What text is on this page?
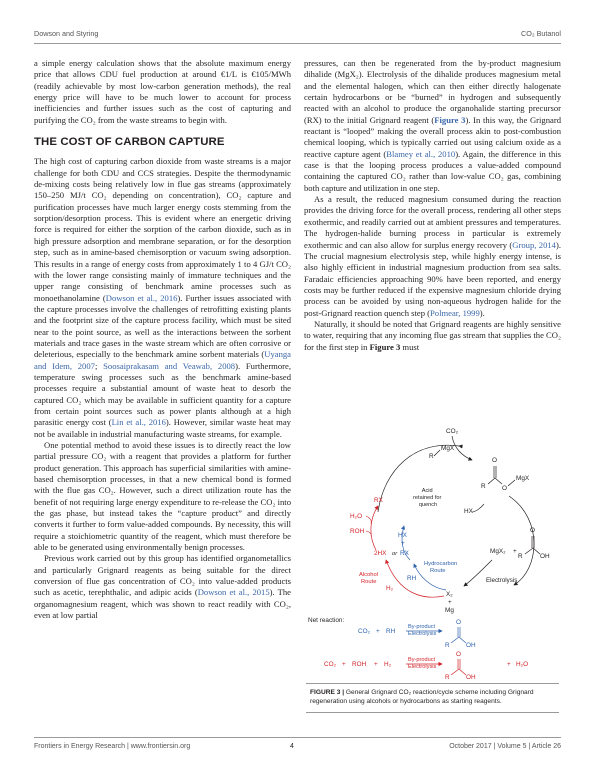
Dowson and Styring	CO₂ Butanol

a simple energy calculation shows that the absolute maximum energy price that allows CDU fuel production at around €1/L is €105/MWh (readily achievable by most low-carbon generation methods), the real energy price will have to be much lower to account for process inefficiencies and further issues such as the cost of capturing and purifying the CO₂ from the waste streams to begin with.

THE COST OF CARBON CAPTURE

The high cost of capturing carbon dioxide from waste streams is a major challenge for both CDU and CCS strategies. Despite the thermodynamic de-mixing costs being relatively low in flue gas streams (approximately 150–250 MJ/t CO₂ depending on concentration), CO₂ capture and purification processes have much larger energy costs stemming from the sorption/desorption process. This is evident where an energetic driving force is required for either the sorption of the carbon dioxide, such as in high pressure adsorption and membrane separation, or for the desorption step, such as in amine-based chemisorption or vacuum swing adsorption. This results in a range of energy costs from approximately 1 to 4 GJ/t CO₂ with the lower range consisting mainly of immature techniques and the upper range consisting of benchmark amine processes such as monoethanolamine (Dowson et al., 2016). Further issues associated with the capture processes involve the challenges of retrofitting existing plants and the footprint size of the capture process facility, which must be sited near to the point source, as well as the interactions between the sorbent materials and trace gases in the waste stream which are often corrosive or deleterious, especially to the benchmark amine sorbent materials (Uyanga and Idem, 2007; Soosaiprakasam and Veawab, 2008). Furthermore, temperature swing processes such as the benchmark amine-based processes require a substantial amount of waste heat to desorb the captured CO₂ which may be available in sufficient quantity for a capture from certain point sources such as power plants although at a high parasitic energy cost (Lin et al., 2016). However, similar waste heat may not be available in industrial manufacturing waste streams, for example.

One potential method to avoid these issues is to directly react the low partial pressure CO₂ with a reagent that provides a platform for further product generation. This approach has superficial similarities with amine-based chemisorption processes, in that a new chemical bond is formed with the flue gas CO₂. However, such a direct utilization route has the benefit of not requiring large energy expenditure to re-release the CO₂ into the gas phase, but instead takes the “capture product” and directly converts it further to form value-added compounds. By necessity, this will require a stoichiometric quantity of the reagent, which must therefore be able to be generated using environmentally benign processes.

Previous work carried out by this group has identified organometallics and particularly Grignard reagents as being suitable for the direct conversion of flue gas concentration of CO₂ into value-added products such as acetic, terephthalic, and adipic acids (Dowson et al., 2015). The organomagnesium reagent, which was shown to react readily with CO₂, even at low partial

pressures, can then be regenerated from the by-product magnesium dihalide (MgX₂). Electrolysis of the dihalide produces magnesium metal and the elemental halogen, which can then either directly halogenate certain hydrocarbons or be “burned” in hydrogen and subsequently reacted with an alcohol to produce the organohalide starting precursor (RX) to the initial Grignard reagent (Figure 3). In this way, the Grignard reactant is “looped” making the overall process akin to post-combustion chemical looping, which is typically carried out using calcium oxide as a reactive capture agent (Blamey et al., 2010). Again, the difference in this case is that the looping process produces a value-added compound containing the captured CO₂ rather than low-value CO₂ gas, combining both capture and utilization in one step.

As a result, the reduced magnesium consumed during the reaction provides the driving force for the overall process, rendering all other steps exothermic, and readily carried out at ambient pressures and temperatures. The hydrogen-halide burning process in particular is extremely exothermic and can also allow for surplus energy recovery (Group, 2014). The crucial magnesium electrolysis step, while highly energy intense, is also highly efficient in industrial magnesium production from sea salts. Faradaic efficiencies approaching 90% have been reported, and energy costs may be further reduced if the expensive magnesium chloride drying process can be avoided by using non-aqueous hydrogen halide for the post-Grignard reaction quench step (Polmear, 1999).

Naturally, it should be noted that Grignard reagents are highly sensitive to water, requiring that any incoming flue gas stream that supplies the CO₂ for the first step in Figure 3 must

CO₂
R
MgX
O
R	O
MgX
HX
Acid retained for quench
RX
H₂O
ROH
HX
+
2HX or RX	MgX₂ +
O
R	OH
Electrolysis
Alcohol Route
H₂
RH
Hydrocarbon Route
X₂
+
Mg
Net reaction:
CO₂ + RH
By-product Electrolysis
O
R	OH
CO₂ + ROH + H₂
By-product Electrolysis
O
R	OH
+ H₂O
FIGURE 3 | General Grignard CO₂ reaction/cycle scheme including Grignard regeneration using alcohols or hydrocarbons as starting reagents.
Frontiers in Energy Research | www.frontiersin.org	4	October 2017 | Volume 5 | Article 26
